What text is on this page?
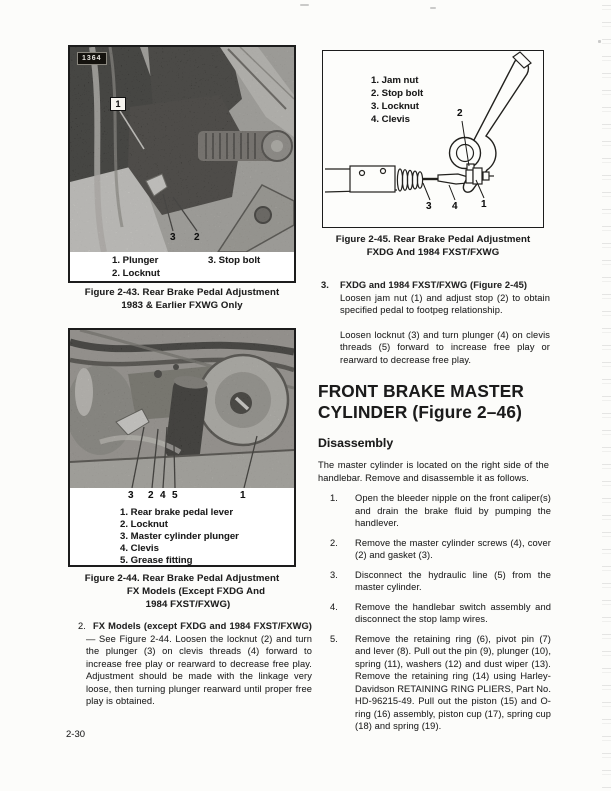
1364
1
3 2
1. Plunger
2. Locknut
3. Stop bolt
Figure 2-43. Rear Brake Pedal Adjustment
1983 & Earlier FXWG Only
3 2 4 5	1
1. Rear brake pedal lever
2. Locknut
3. Master cylinder plunger
4. Clevis
5. Grease fitting
Figure 2-44. Rear Brake Pedal Adjustment
FX Models (Except FXDG And
1984 FXST/FXWG)
2. FX Models (except FXDG and 1984 FXST/FXWG) — See Figure 2-44. Loosen the locknut (2) and turn the plunger (3) on clevis threads (4) forward to increase free play or rearward to decrease free play. Adjustment should be made with the linkage very loose, then turning plunger rearward until proper free play is obtained.
2-30
1. Jam nut
2. Stop bolt
3. Locknut
4. Clevis
2
3 4 1
Figure 2-45. Rear Brake Pedal Adjustment
FXDG And 1984 FXST/FXWG
3. FXDG and 1984 FXST/FXWG (Figure 2-45)
Loosen jam nut (1) and adjust stop (2) to obtain specified pedal to footpeg relationship.
Loosen locknut (3) and turn plunger (4) on clevis threads (5) forward to increase free play or rearward to decrease free play.
FRONT BRAKE MASTER
CYLINDER (Figure 2–46)
Disassembly
The master cylinder is located on the right side of the handlebar. Remove and disassemble it as follows.
1. Open the bleeder nipple on the front caliper(s) and drain the brake fluid by pumping the handlever.
2. Remove the master cylinder screws (4), cover (2) and gasket (3).
3. Disconnect the hydraulic line (5) from the master cylinder.
4. Remove the handlebar switch assembly and disconnect the stop lamp wires.
5. Remove the retaining ring (6), pivot pin (7) and lever (8). Pull out the pin (9), plunger (10), spring (11), washers (12) and dust wiper (13). Remove the retaining ring (14) using Harley-Davidson RETAINING RING PLIERS, Part No. HD-96215-49. Pull out the piston (15) and O-ring (16) assembly, piston cup (17), spring cup (18) and spring (19).
